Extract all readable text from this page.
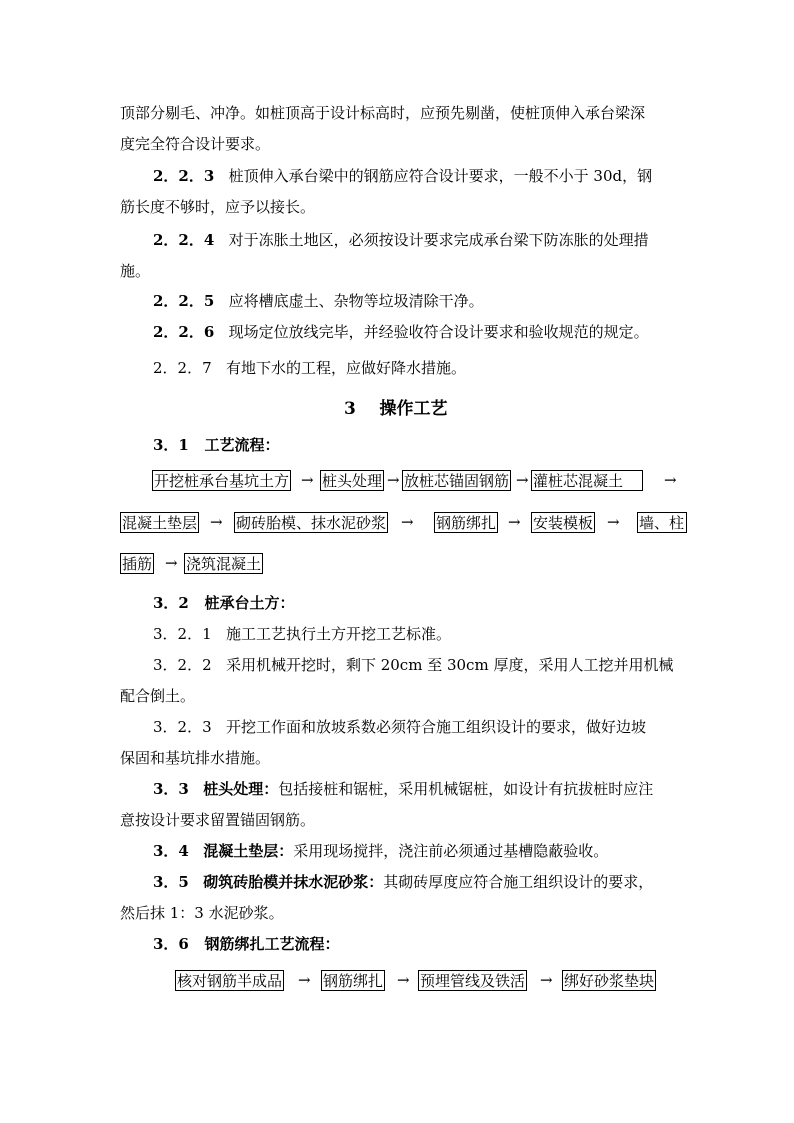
顶部分剔毛、冲净。如桩顶高于设计标高时，应预先剔凿，使桩顶伸入承台梁深
度完全符合设计要求。
2．2．3 桩顶伸入承台梁中的钢筋应符合设计要求，一般不小于 30d，钢
筋长度不够时，应予以接长。
2．2．4 对于冻胀土地区，必须按设计要求完成承台梁下防冻胀的处理措
施。
2．2．5 应将槽底虚土、杂物等垃圾清除干净。
2．2．6 现场定位放线完毕，并经验收符合设计要求和验收规范的规定。
2．2．7 有地下水的工程，应做好降水措施。
3 操作工艺
3．1 工艺流程：
开挖桩承台基坑土方 → 桩头处理 → 放桩芯锚固钢筋 → 灌桩芯混凝土	→
混凝土垫层 → 砌砖胎模、抹水泥砂浆 → 钢筋绑扎 → 安装模板 → 墙、柱
插筋 → 浇筑混凝土
3．2 桩承台土方：
3．2．1 施工工艺执行土方开挖工艺标准。
3．2．2 采用机械开挖时，剩下 20cm 至 30cm 厚度，采用人工挖并用机械
配合倒土。
3．2．3 开挖工作面和放坡系数必须符合施工组织设计的要求，做好边坡
保固和基坑排水措施。
3．3 桩头处理：包括接桩和锯桩，采用机械锯桩，如设计有抗拔桩时应注
意按设计要求留置锚固钢筋。
3．4 混凝土垫层：采用现场搅拌，浇注前必须通过基槽隐蔽验收。
3．5 砌筑砖胎模并抹水泥砂浆：其砌砖厚度应符合施工组织设计的要求，
然后抹 1：3 水泥砂浆。
3．6 钢筋绑扎工艺流程：
核对钢筋半成品 → 钢筋绑扎 → 预埋管线及铁活 → 绑好砂浆垫块
